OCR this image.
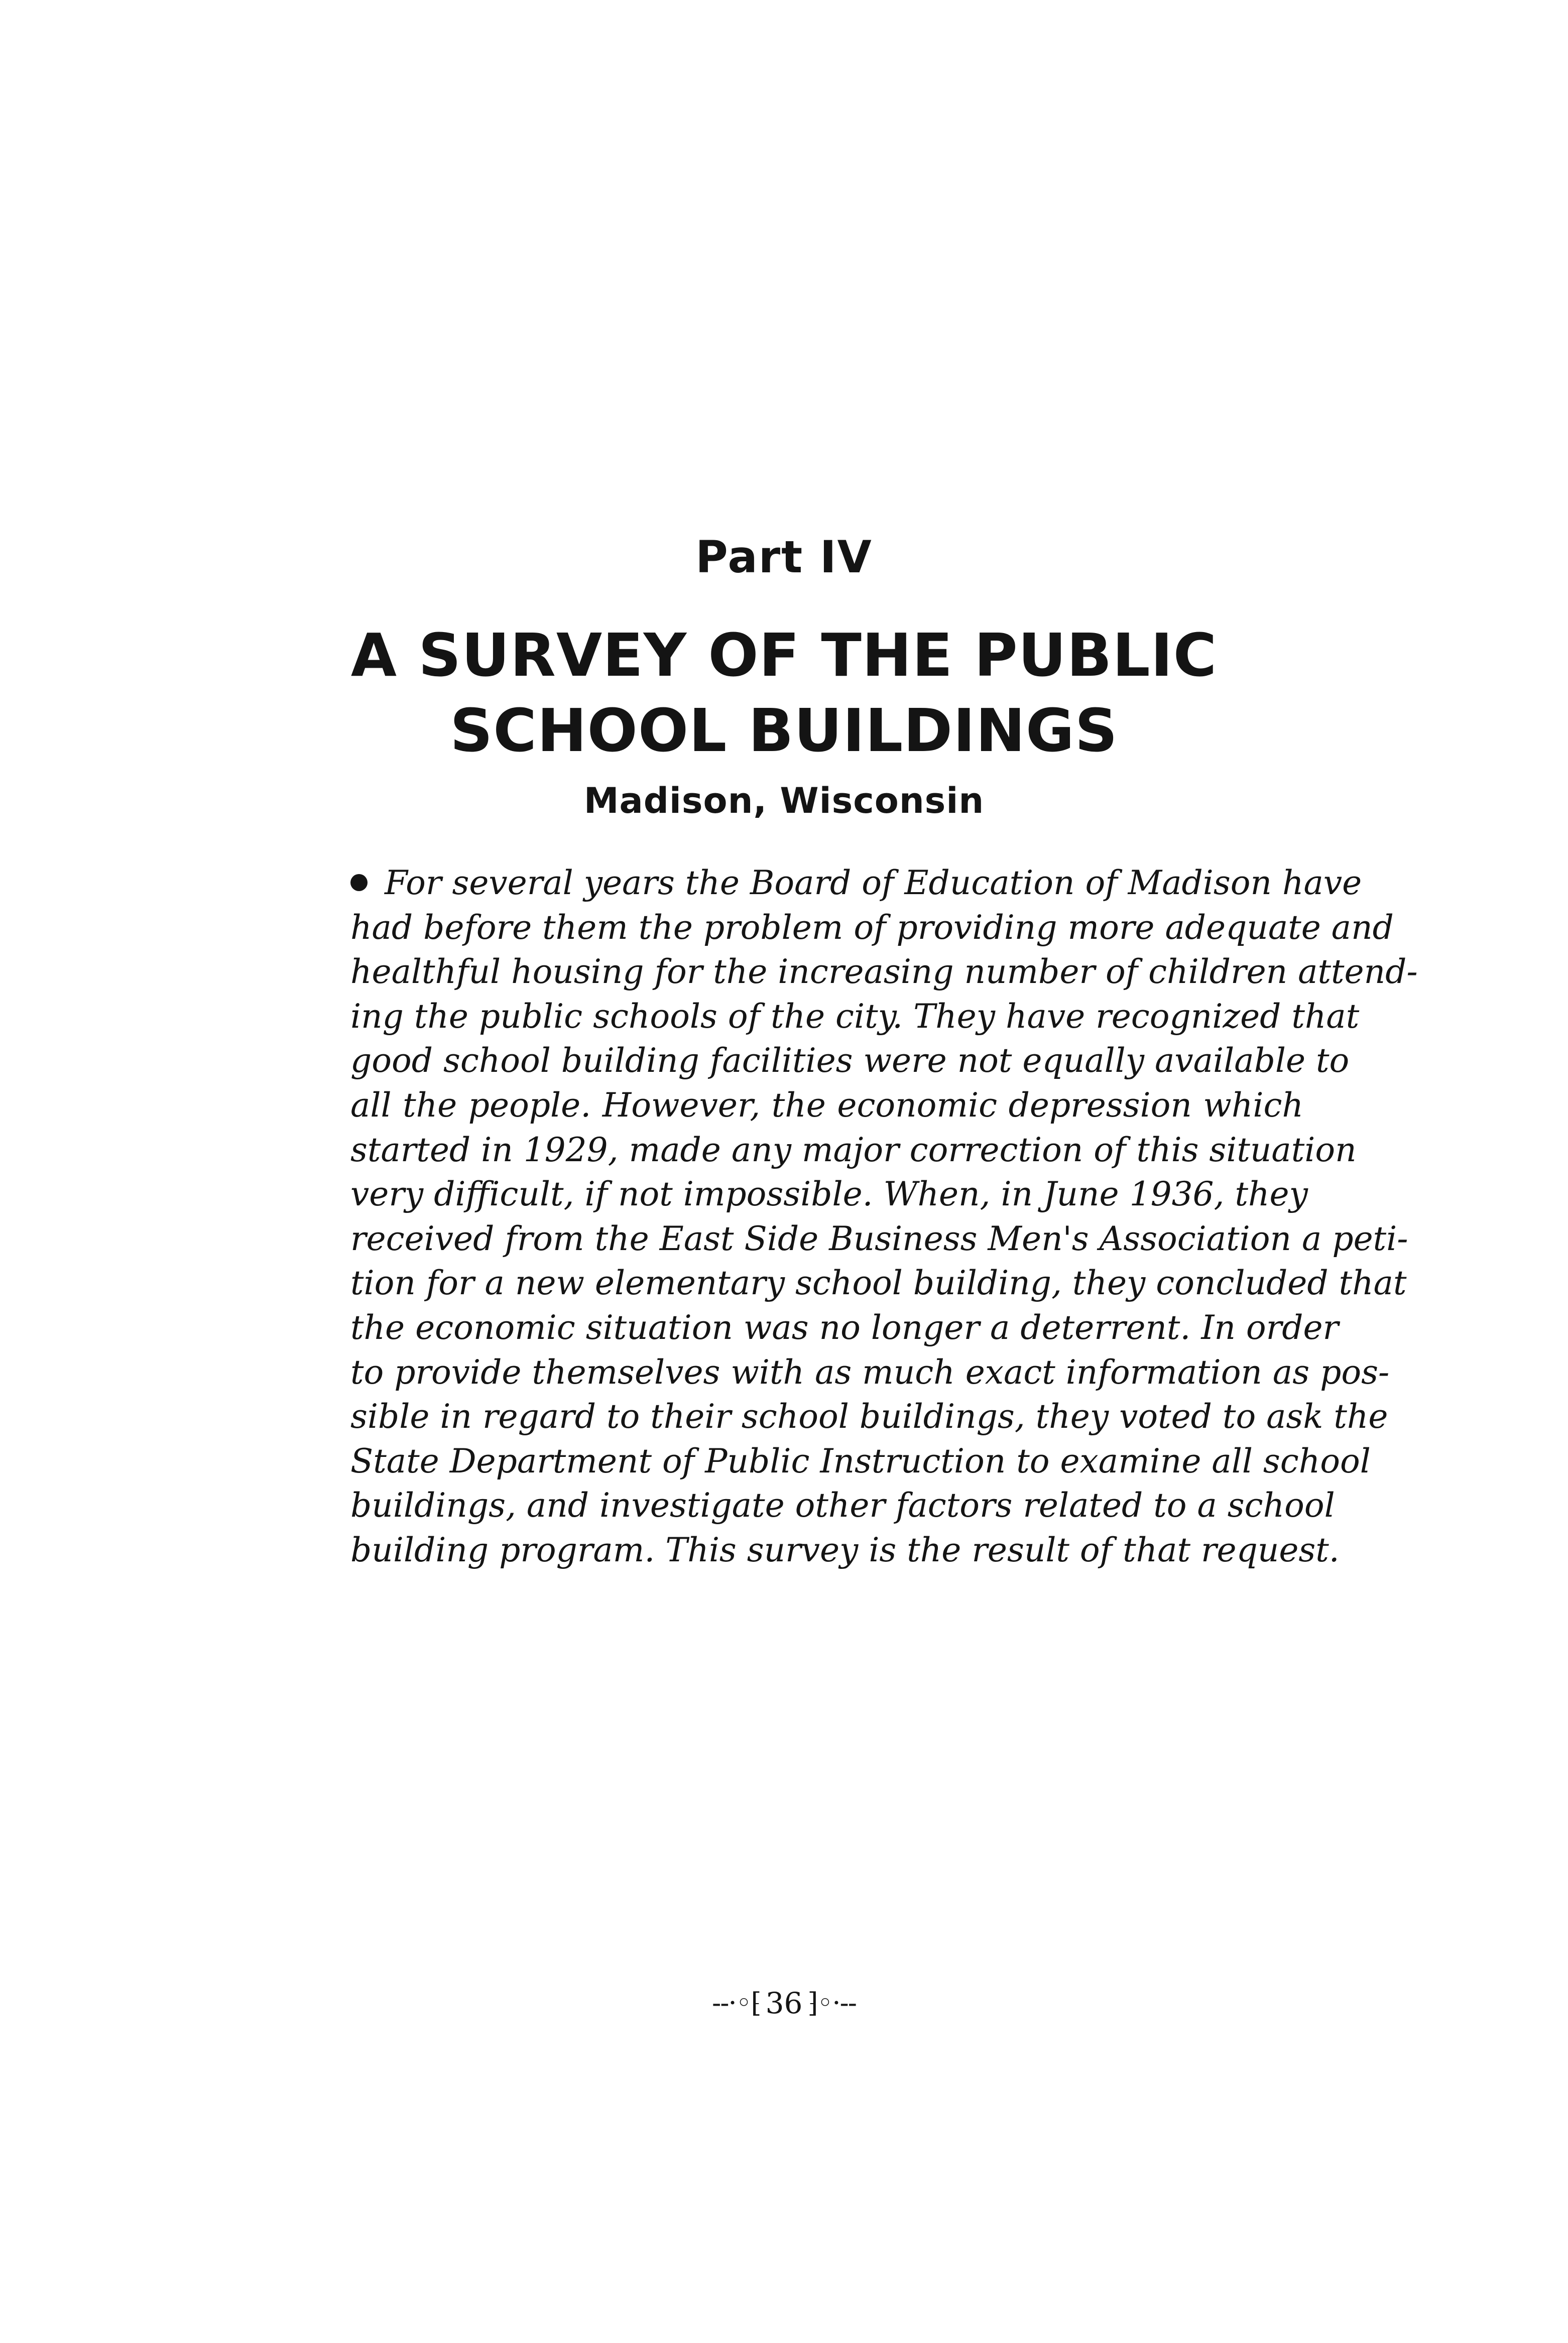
Part IV
A SURVEY OF THE PUBLIC
SCHOOL BUILDINGS
Madison, Wisconsin
For several years the Board of Education of Madison have
had before them the problem of providing more adequate and
healthful housing for the increasing number of children attend-
ing the public schools of the city. They have recognized that
good school building facilities were not equally available to
all the people. However, the economic depression which
started in 1929, made any major correction of this situation
very difficult, if not impossible. When, in June 1936, they
received from the East Side Business Men's Association a peti-
tion for a new elementary school building, they concluded that
the economic situation was no longer a deterrent. In order
to provide themselves with as much exact information as pos-
sible in regard to their school buildings, they voted to ask the
State Department of Public Instruction to examine all school
buildings, and investigate other factors related to a school
building program. This survey is the result of that request.
--·◦⁅ 36 ⁆◦·--
